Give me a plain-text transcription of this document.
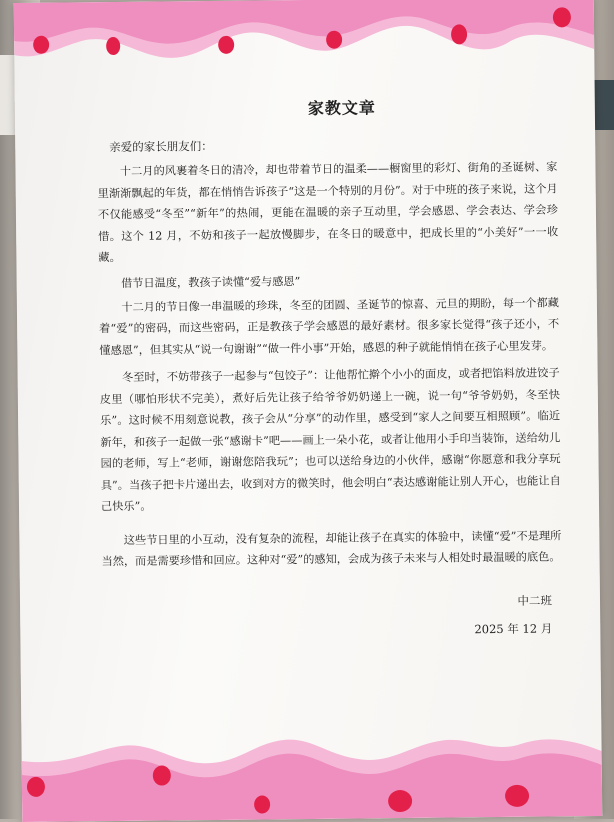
家教文章

亲爱的家长朋友们：

十二月的风裹着冬日的清冷，却也带着节日的温柔——橱窗里的彩灯、街角的圣诞树、家里渐渐飘起的年货，都在悄悄告诉孩子“这是一个特别的月份”。对于中班的孩子来说，这个月不仅能感受“冬至”“新年”的热闹，更能在温暖的亲子互动里，学会感恩、学会表达、学会珍惜。这个 12 月，不妨和孩子一起放慢脚步，在冬日的暖意中，把成长里的“小美好”一一收藏。

借节日温度，教孩子读懂“爱与感恩”

十二月的节日像一串温暖的珍珠，冬至的团圆、圣诞节的惊喜、元旦的期盼，每一个都藏着“爱”的密码，而这些密码，正是教孩子学会感恩的最好素材。很多家长觉得“孩子还小，不懂感恩”，但其实从“说一句谢谢”“做一件小事”开始，感恩的种子就能悄悄在孩子心里发芽。

冬至时，不妨带孩子一起参与“包饺子”：让他帮忙擀个小小的面皮，或者把馅料放进饺子皮里（哪怕形状不完美），煮好后先让孩子给爷爷奶奶递上一碗，说一句“爷爷奶奶，冬至快乐”。这时候不用刻意说教，孩子会从“分享”的动作里，感受到“家人之间要互相照顾”。临近新年，和孩子一起做一张“感谢卡”吧——画上一朵小花，或者让他用小手印当装饰，送给幼儿园的老师，写上“老师，谢谢您陪我玩”；也可以送给身边的小伙伴，感谢“你愿意和我分享玩具”。当孩子把卡片递出去，收到对方的微笑时，他会明白“表达感谢能让别人开心，也能让自己快乐”。

这些节日里的小互动，没有复杂的流程，却能让孩子在真实的体验中，读懂“爱”不是理所当然，而是需要珍惜和回应。这种对“爱”的感知，会成为孩子未来与人相处时最温暖的底色。

中二班

2025 年 12 月
